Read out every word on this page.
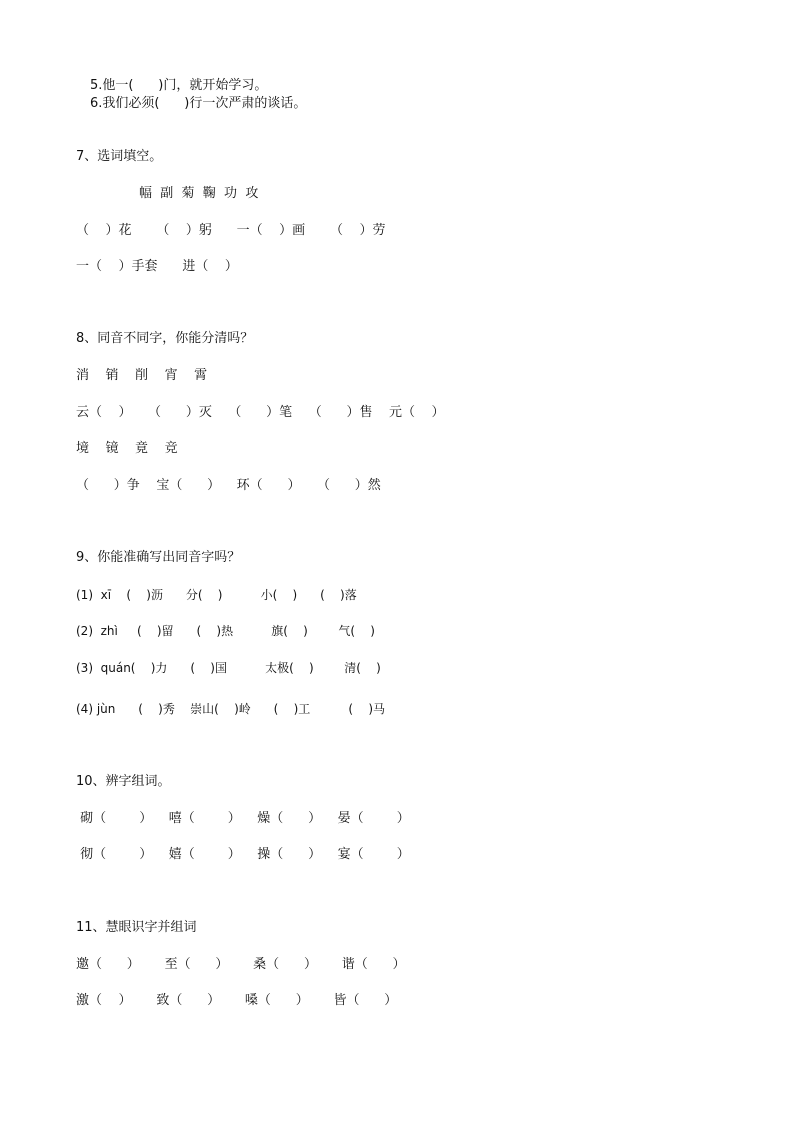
5.他一(      )门，就开始学习。
6.我们必须(      )行一次严肃的谈话。
7、选词填空。
幅  副  菊  鞠  功  攻
（    ）花      （    ）躬      一（    ）画      （    ）劳
一（    ）手套      进（    ）
8、同音不同字，你能分清吗？
消    销    削    宵    霄
云（    ）    （      ）灭    （      ）笔    （      ）售    元（    ）
境    镜    竟    竞
（      ）争    宝（      ）    环（      ）    （      ）然
9、你能准确写出同音字吗？
(1)  xī    (    )沥      分(    )          小(    )      (    )落
(2)  zhì     (    )留      (    )热          旗(    )        气(    )
(3)  quán(    )力      (    )国          太极(    )        清(    )
(4) jùn      (    )秀    崇山(    )岭      (    )工          (    )马
10、辨字组词。
砌（        ）    嘻（        ）    燥（      ）    晏（        ）
彻（        ）    嬉（        ）    操（      ）    宴（        ）
11、慧眼识字并组词
邀（      ）      至（      ）      桑（      ）      谐（      ）
激（    ）      致（      ）      嗓（      ）      皆（      ）
